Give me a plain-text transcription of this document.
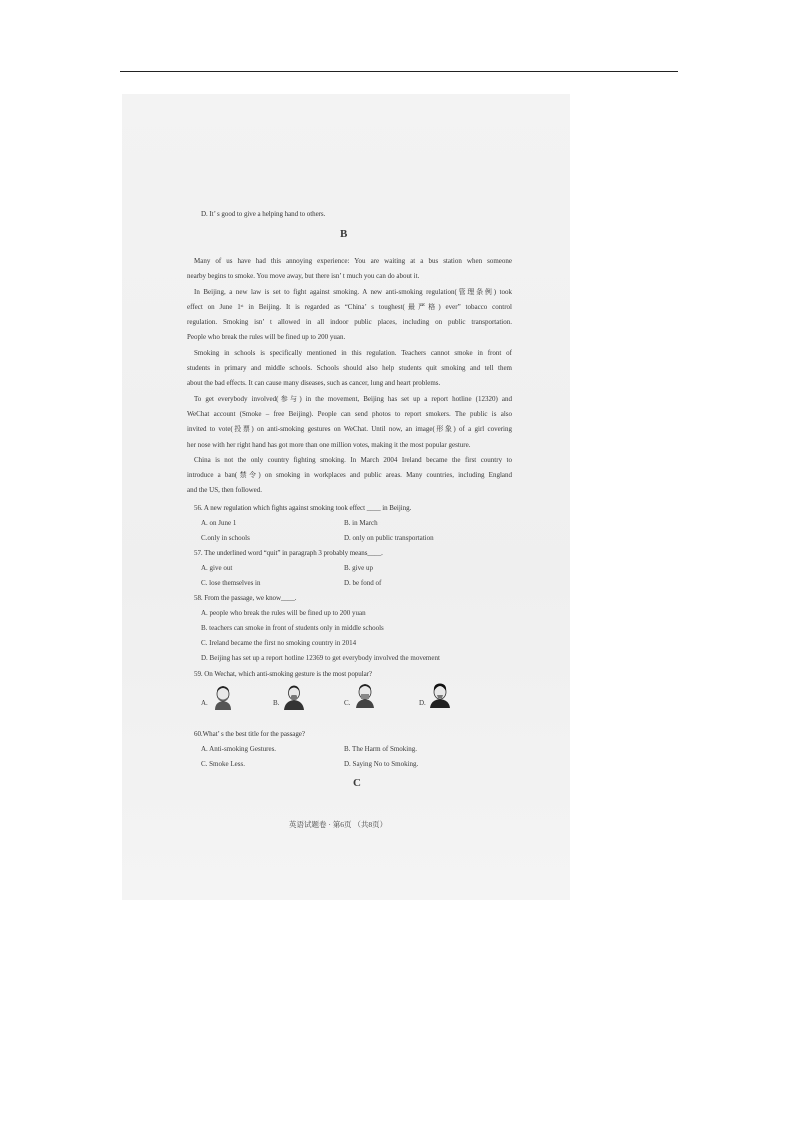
D. It’ s good to give a helping hand to others.
B
Many of us have had this annoying experience: You are waiting at a bus station when someone
nearby begins to smoke. You move away, but there isn’ t much you can do about it.
In Beijing, a new law is set to fight against smoking. A new anti-smoking regulation(管理条例) took
effect on June 1ˢᵗ in Beijing. It is regarded as “China’ s toughest(最严格) ever” tobacco control
regulation. Smoking isn’ t allowed in all indoor public places, including on public transportation.
People who break the rules will be fined up to 200 yuan.
Smoking in schools is specifically mentioned in this regulation. Teachers cannot smoke in front of
students in primary and middle schools. Schools should also help students quit smoking and tell them
about the bad effects. It can cause many diseases, such as cancer, lung and heart problems.
To get everybody involved(参与) in the movement, Beijing has set up a report hotline (12320) and
WeChat account (Smoke – free Beijing). People can send photos to report smokers. The public is also
invited to vote(投票) on anti-smoking gestures on WeChat. Until now, an image(形象) of a girl covering
her nose with her right hand has got more than one million votes, making it the most popular gesture.
China is not the only country fighting smoking. In March 2004 Ireland became the first country to
introduce a ban(禁令) on smoking in workplaces and public areas. Many countries, including England
and the US, then followed.
56. A new regulation which fights against smoking took effect ____ in Beijing.
A. on June 1	B. in March
C.only in schools	D. only on public transportation
57. The underlined word “quit” in paragraph 3 probably means____.
A. give out	B. give up
C. lose themselves in	D. be fond of
58. From the passage, we know____.
A. people who break the rules will be fined up to 200 yuan
B. teachers can smoke in front of students only in middle schools
C. Ireland became the first no smoking country in 2014
D. Beijing has set up a report hotline 12369 to get everybody involved the movement
59. On Wechat, which anti-smoking gesture is the most popular?
A.	B.	C.	D.
60.What’ s the best title for the passage?
A. Anti-smoking Gestures.	B. The Harm of Smoking.
C. Smoke Less.	D. Saying No to Smoking.
C
英语试题卷 · 第6页 （共8页）
